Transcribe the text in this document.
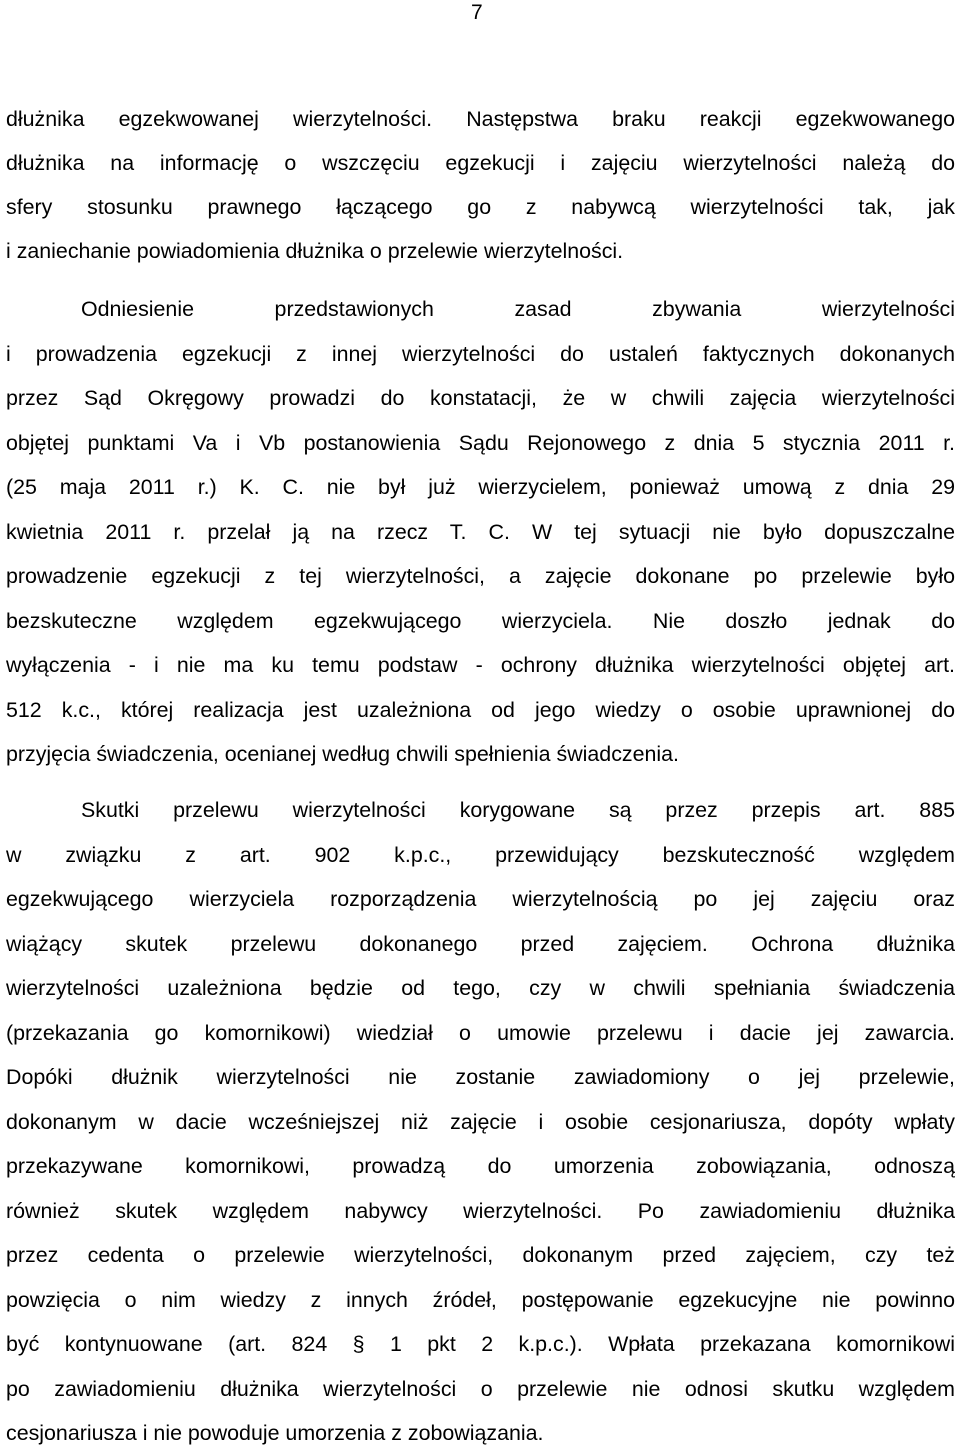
7
dłużnika egzekwowanej wierzytelności. Następstwa braku reakcji egzekwowanego
dłużnika na informację o wszczęciu egzekucji i zajęciu wierzytelności należą do
sfery stosunku prawnego łączącego go z nabywcą wierzytelności tak, jak
i zaniechanie powiadomienia dłużnika o przelewie wierzytelności.
Odniesienie przedstawionych zasad zbywania wierzytelności
i prowadzenia egzekucji z innej wierzytelności do ustaleń faktycznych dokonanych
przez Sąd Okręgowy prowadzi do konstatacji, że w chwili zajęcia wierzytelności
objętej punktami Va i Vb postanowienia Sądu Rejonowego z dnia 5 stycznia 2011 r.
(25 maja 2011 r.) K. C. nie był już wierzycielem, ponieważ umową z dnia 29
kwietnia 2011 r. przelał ją na rzecz T. C. W tej sytuacji nie było dopuszczalne
prowadzenie egzekucji z tej wierzytelności, a zajęcie dokonane po przelewie było
bezskuteczne względem egzekwującego wierzyciela. Nie doszło jednak do
wyłączenia - i nie ma ku temu podstaw - ochrony dłużnika wierzytelności objętej art.
512 k.c., której realizacja jest uzależniona od jego wiedzy o osobie uprawnionej do
przyjęcia świadczenia, ocenianej według chwili spełnienia świadczenia.
Skutki przelewu wierzytelności korygowane są przez przepis art. 885
w związku z art. 902 k.p.c., przewidujący bezskuteczność względem
egzekwującego wierzyciela rozporządzenia wierzytelnością po jej zajęciu oraz
wiążący skutek przelewu dokonanego przed zajęciem. Ochrona dłużnika
wierzytelności uzależniona będzie od tego, czy w chwili spełniania świadczenia
(przekazania go komornikowi) wiedział o umowie przelewu i dacie jej zawarcia.
Dopóki dłużnik wierzytelności nie zostanie zawiadomiony o jej przelewie,
dokonanym w dacie wcześniejszej niż zajęcie i osobie cesjonariusza, dopóty wpłaty
przekazywane komornikowi, prowadzą do umorzenia zobowiązania, odnoszą
również skutek względem nabywcy wierzytelności. Po zawiadomieniu dłużnika
przez cedenta o przelewie wierzytelności, dokonanym przed zajęciem, czy też
powzięcia o nim wiedzy z innych źródeł, postępowanie egzekucyjne nie powinno
być kontynuowane (art. 824 § 1 pkt 2 k.p.c.). Wpłata przekazana komornikowi
po zawiadomieniu dłużnika wierzytelności o przelewie nie odnosi skutku względem
cesjonariusza i nie powoduje umorzenia z zobowiązania.
